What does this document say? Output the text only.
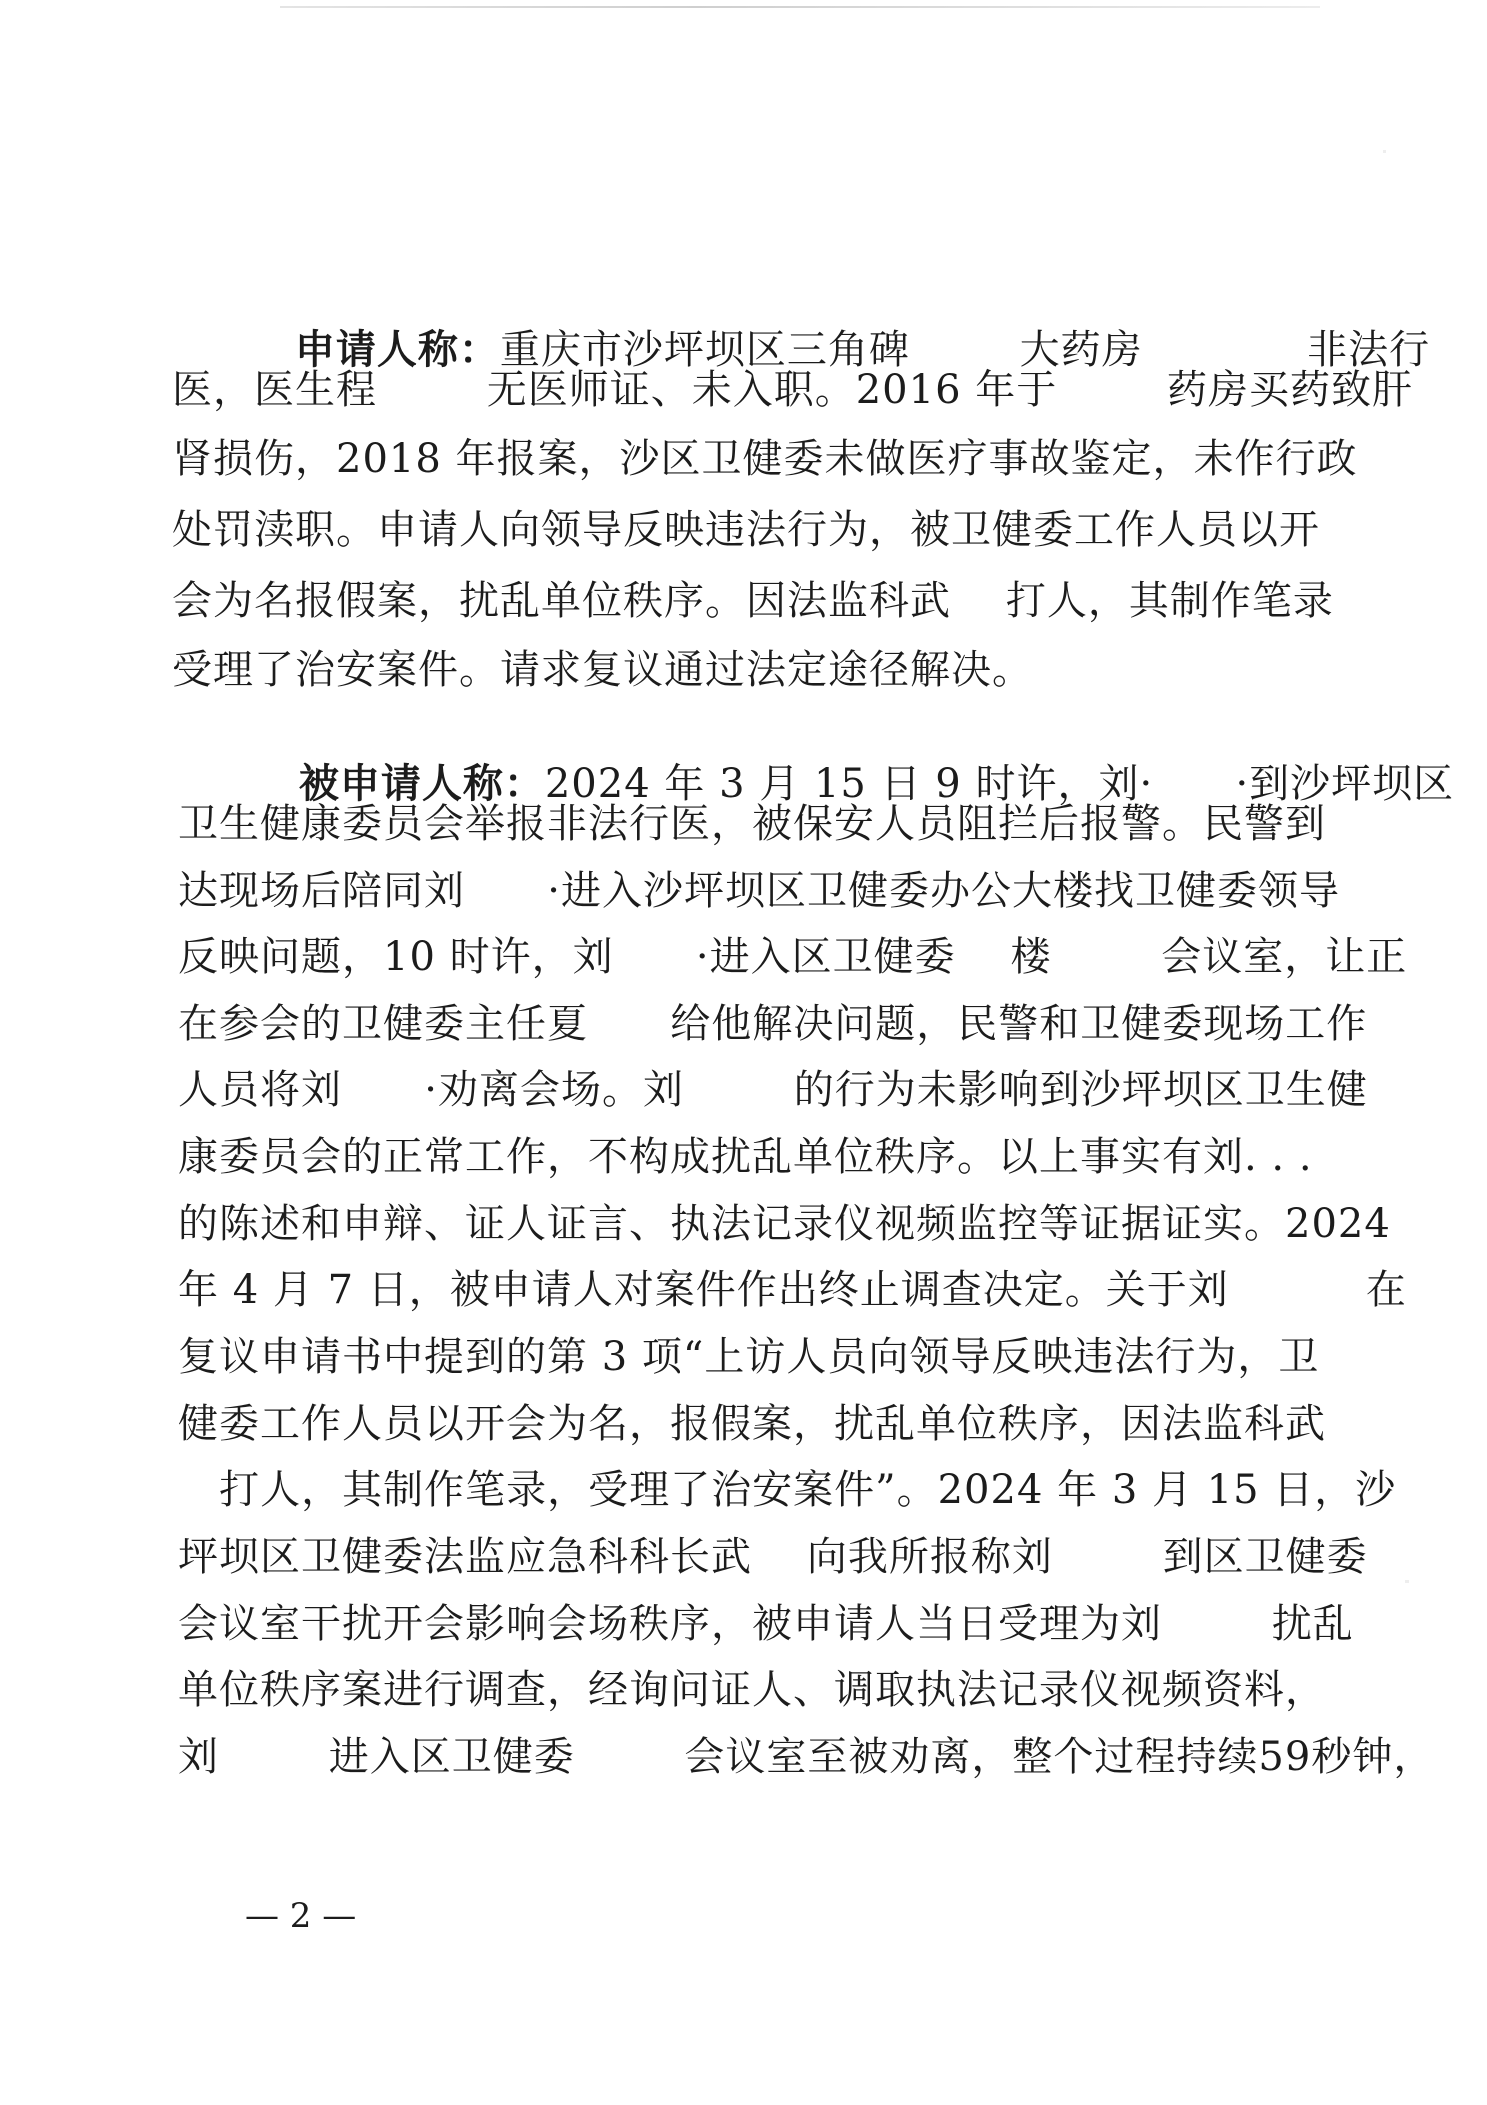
申请人称：重庆市沙坪坝区三角碑        大药房            非法行

医，医生程        无医师证、未入职。2016 年于        药房买药致肝
肾损伤，2018 年报案，沙区卫健委未做医疗事故鉴定，未作行政
处罚渎职。申请人向领导反映违法行为，被卫健委工作人员以开
会为名报假案，扰乱单位秩序。因法监科武    打人，其制作笔录
受理了治安案件。请求复议通过法定途径解决。

被申请人称：2024 年 3 月 15 日 9 时许，刘·      ·到沙坪坝区

卫生健康委员会举报非法行医，被保安人员阻拦后报警。民警到
达现场后陪同刘      ·进入沙坪坝区卫健委办公大楼找卫健委领导
反映问题，10 时许，刘      ·进入区卫健委    楼        会议室，让正
在参会的卫健委主任夏      给他解决问题，民警和卫健委现场工作
人员将刘      ·劝离会场。刘        的行为未影响到沙坪坝区卫生健
康委员会的正常工作，不构成扰乱单位秩序。以上事实有刘. . .
的陈述和申辩、证人证言、执法记录仪视频监控等证据证实。2024
年 4 月 7 日，被申请人对案件作出终止调查决定。关于刘          在
复议申请书中提到的第 3 项“上访人员向领导反映违法行为，卫
健委工作人员以开会为名，报假案，扰乱单位秩序，因法监科武
打人，其制作笔录，受理了治安案件”。2024 年 3 月 15 日，沙
坪坝区卫健委法监应急科科长武    向我所报称刘        到区卫健委
会议室干扰开会影响会场秩序，被申请人当日受理为刘        扰乱
单位秩序案进行调查，经询问证人、调取执法记录仪视频资料，
刘        进入区卫健委        会议室至被劝离，整个过程持续59秒钟，
— 2 —
